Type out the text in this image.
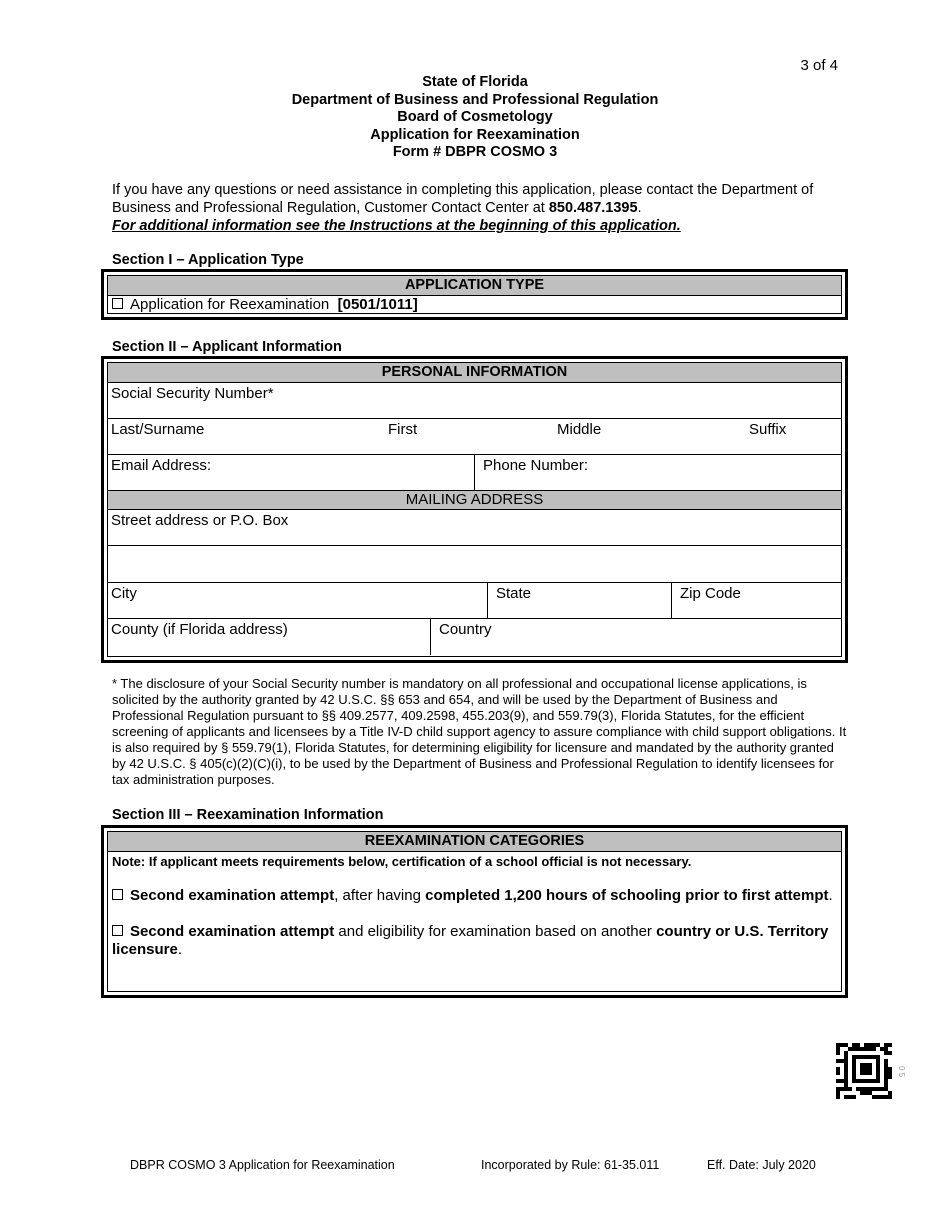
3 of 4
State of Florida
Department of Business and Professional Regulation
Board of Cosmetology
Application for Reexamination
Form # DBPR COSMO 3
If you have any questions or need assistance in completing this application, please contact the Department of Business and Professional Regulation, Customer Contact Center at 850.487.1395.
For additional information see the Instructions at the beginning of this application.
Section I – Application Type
APPLICATION TYPE
Application for Reexamination [0501/1011]
Section II – Applicant Information
PERSONAL INFORMATION
Social Security Number*
Last/Surname	First	Middle	Suffix
Email Address:	Phone Number:
MAILING ADDRESS
Street address or P.O. Box
City	State	Zip Code
County (if Florida address)	Country
* The disclosure of your Social Security number is mandatory on all professional and occupational license applications, is solicited by the authority granted by 42 U.S.C. §§ 653 and 654, and will be used by the Department of Business and Professional Regulation pursuant to §§ 409.2577, 409.2598, 455.203(9), and 559.79(3), Florida Statutes, for the efficient screening of applicants and licensees by a Title IV-D child support agency to assure compliance with child support obligations. It is also required by § 559.79(1), Florida Statutes, for determining eligibility for licensure and mandated by the authority granted by 42 U.S.C. § 405(c)(2)(C)(i), to be used by the Department of Business and Professional Regulation to identify licensees for tax administration purposes.
Section III – Reexamination Information
REEXAMINATION CATEGORIES
Note: If applicant meets requirements below, certification of a school official is not necessary.
Second examination attempt, after having completed 1,200 hours of schooling prior to first attempt.
Second examination attempt and eligibility for examination based on another country or U.S. Territory licensure.
0 5
DBPR COSMO 3 Application for Reexamination	Incorporated by Rule: 61-35.011	Eff. Date: July 2020
